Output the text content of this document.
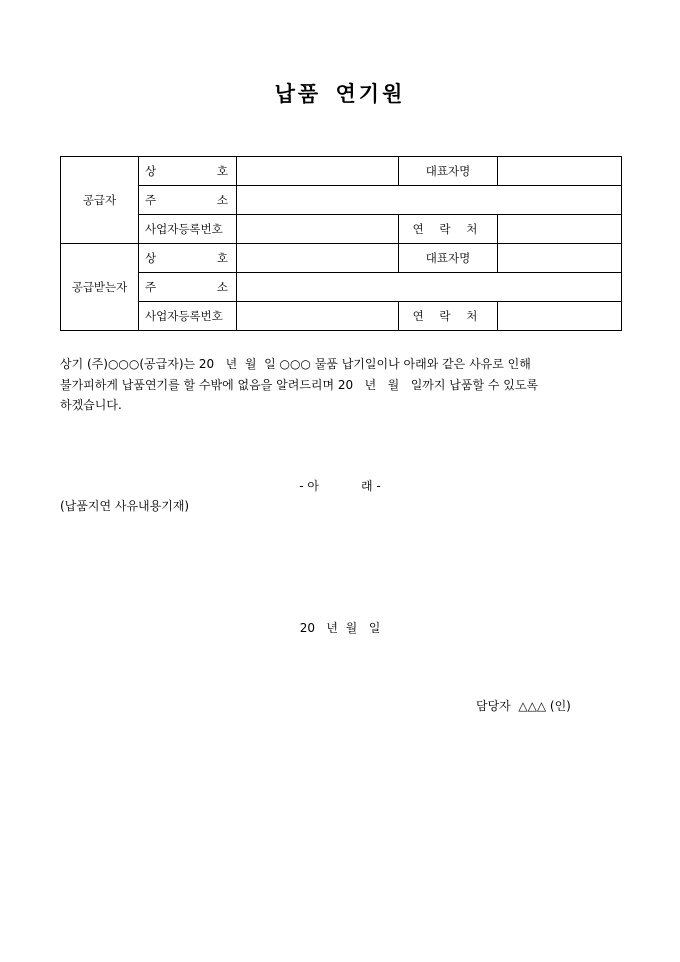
납품 연기원
공급자	상 호		대표자명	

	주 소			

	사업자등록번호		연 락 처	
공급받는자	상 호		대표자명	

	주 소			

	사업자등록번호		연 락 처	

상기 (주)○○○(공급자)는 20   년  월  일 ○○○ 물품 납기일이나 아래와 같은 사유로 인해

불가피하게 납품연기를 할 수밖에 없음을 알려드리며 20   년   월   일까지 납품할 수 있도록

하겠습니다.

- 아           래 -
(납품지연 사유내용기재)
20   년  월   일
담당자  △△△ (인)
